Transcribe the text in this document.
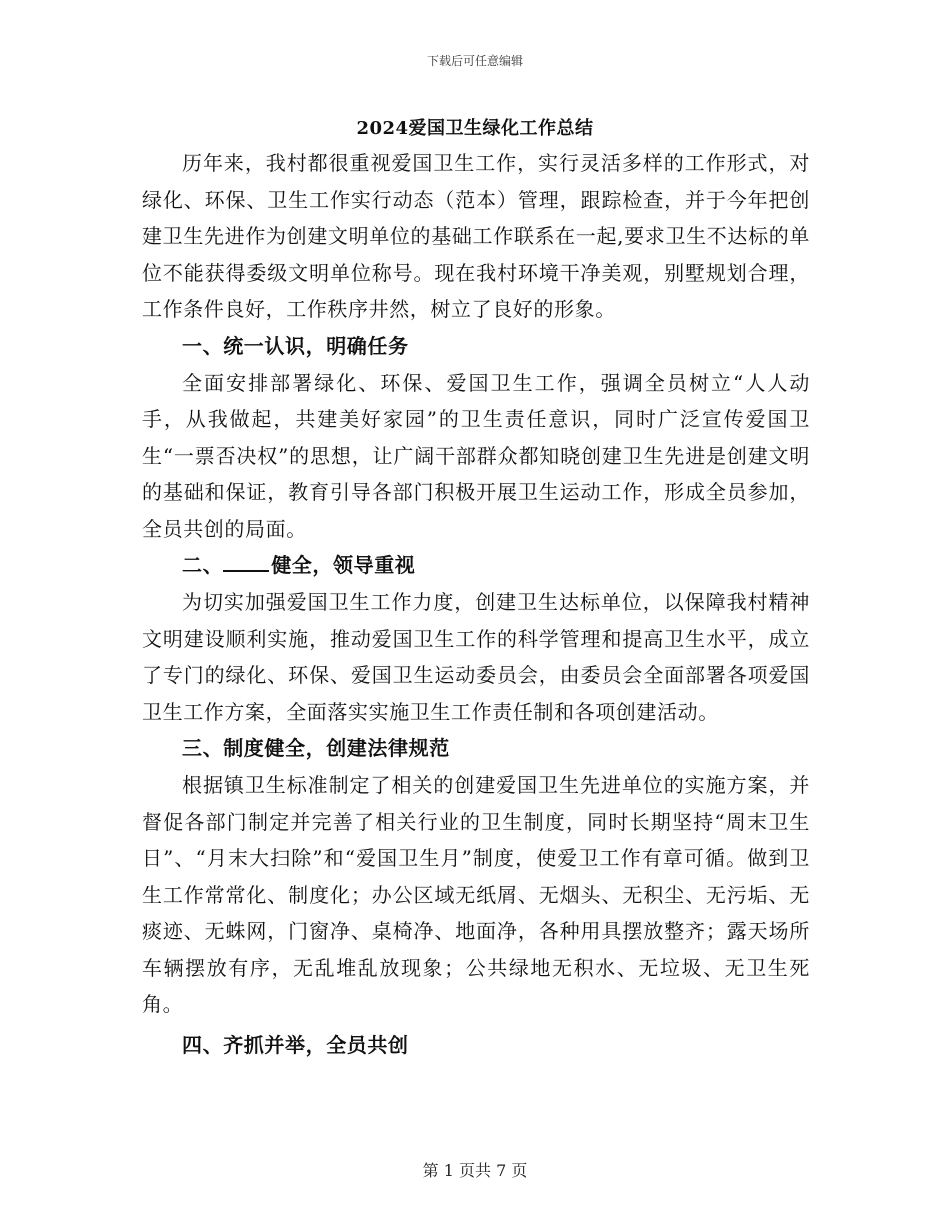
下载后可任意编辑
2024爱国卫生绿化工作总结

历年来，我村都很重视爱国卫生工作，实行灵活多样的工作形式，对绿化、环保、卫生工作实行动态（范本）管理，跟踪检查，并于今年把创建卫生先进作为创建文明单位的基础工作联系在一起,要求卫生不达标的单位不能获得委级文明单位称号。现在我村环境干净美观，别墅规划合理，工作条件良好，工作秩序井然，树立了良好的形象。

一、统一认识，明确任务

全面安排部署绿化、环保、爱国卫生工作，强调全员树立“人人动手，从我做起，共建美好家园”的卫生责任意识，同时广泛宣传爱国卫生“一票否决权”的思想，让广阔干部群众都知晓创建卫生先进是创建文明的基础和保证，教育引导各部门积极开展卫生运动工作，形成全员参加，全员共创的局面。

二、 健全，领导重视

为切实加强爱国卫生工作力度，创建卫生达标单位，以保障我村精神文明建设顺利实施，推动爱国卫生工作的科学管理和提高卫生水平，成立了专门的绿化、环保、爱国卫生运动委员会，由委员会全面部署各项爱国卫生工作方案，全面落实实施卫生工作责任制和各项创建活动。

三、制度健全，创建法律规范

根据镇卫生标准制定了相关的创建爱国卫生先进单位的实施方案，并督促各部门制定并完善了相关行业的卫生制度，同时长期坚持“周末卫生日”、“月末大扫除”和“爱国卫生月”制度，使爱卫工作有章可循。做到卫生工作常常化、制度化；办公区域无纸屑、无烟头、无积尘、无污垢、无痰迹、无蛛网，门窗净、桌椅净、地面净，各种用具摆放整齐；露天场所车辆摆放有序，无乱堆乱放现象；公共绿地无积水、无垃圾、无卫生死角。

四、齐抓并举，全员共创

第 1 页共 7 页
